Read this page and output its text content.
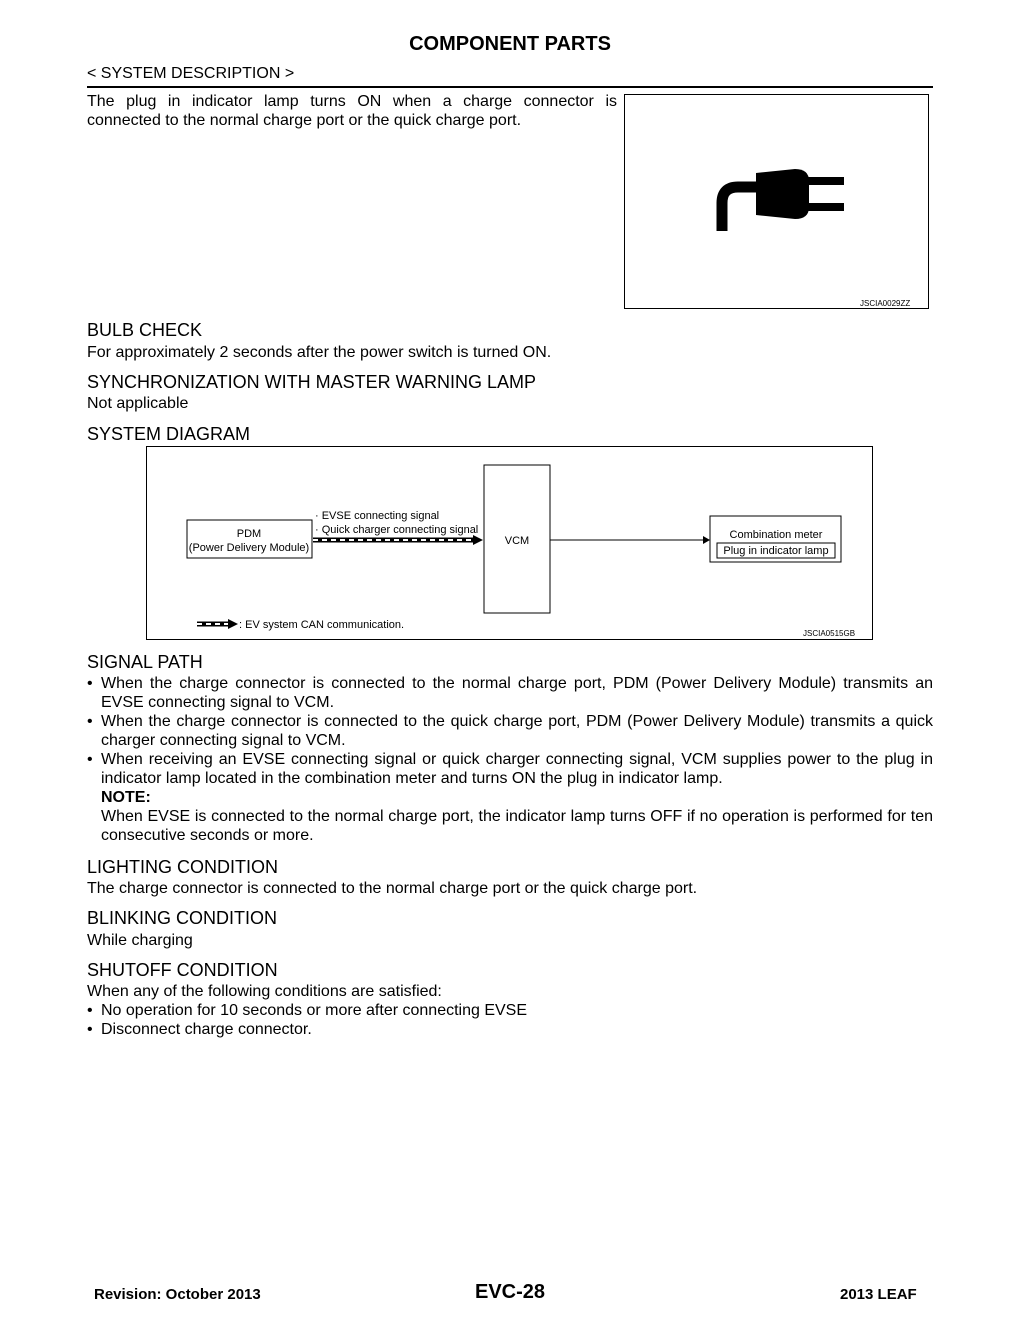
COMPONENT PARTS
< SYSTEM DESCRIPTION >
The plug in indicator lamp turns ON when a charge connector is connected to the normal charge port or the quick charge port.
JSCIA0029ZZ
BULB CHECK
For approximately 2 seconds after the power switch is turned ON.
SYNCHRONIZATION WITH MASTER WARNING LAMP
Not applicable
SYSTEM DIAGRAM
PDM
(Power Delivery Module)
· EVSE connecting signal
· Quick charger connecting signal
VCM	Combination meter
Plug in indicator lamp
: EV system CAN communication.
JSCIA0515GB
SIGNAL PATH
• When the charge connector is connected to the normal charge port, PDM (Power Delivery Module) transmits an EVSE connecting signal to VCM.
• When the charge connector is connected to the quick charge port, PDM (Power Delivery Module) transmits a quick charger connecting signal to VCM.
• When receiving an EVSE connecting signal or quick charger connecting signal, VCM supplies power to the plug in indicator lamp located in the combination meter and turns ON the plug in indicator lamp.
NOTE:
When EVSE is connected to the normal charge port, the indicator lamp turns OFF if no operation is performed for ten consecutive seconds or more.
LIGHTING CONDITION
The charge connector is connected to the normal charge port or the quick charge port.
BLINKING CONDITION
While charging
SHUTOFF CONDITION
When any of the following conditions are satisfied:
• No operation for 10 seconds or more after connecting EVSE
• Disconnect charge connector.
Revision: October 2013	EVC-28	2013 LEAF
